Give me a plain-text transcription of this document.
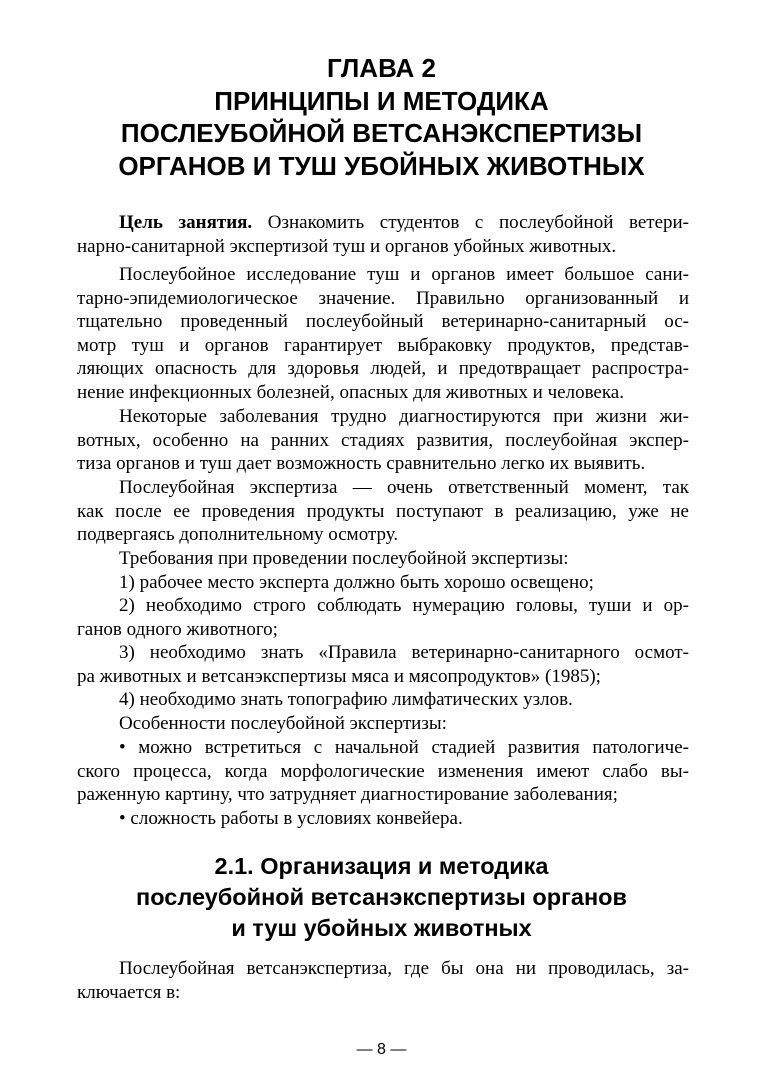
ГЛАВА 2
ПРИНЦИПЫ И МЕТОДИКА
ПОСЛЕУБОЙНОЙ ВЕТСАНЭКСПЕРТИЗЫ
ОРГАНОВ И ТУШ УБОЙНЫХ ЖИВОТНЫХ
Цель занятия. Ознакомить студентов с послеубойной ветери-
нарно-санитарной экспертизой туш и органов убойных животных.
Послеубойное исследование туш и органов имеет большое сани-
тарно-эпидемиологическое значение. Правильно организованный и
тщательно проведенный послеубойный ветеринарно-санитарный ос-
мотр туш и органов гарантирует выбраковку продуктов, представ-
ляющих опасность для здоровья людей, и предотвращает распростра-
нение инфекционных болезней, опасных для животных и человека.
Некоторые заболевания трудно диагностируются при жизни жи-
вотных, особенно на ранних стадиях развития, послеубойная экспер-
тиза органов и туш дает возможность сравнительно легко их выявить.
Послеубойная экспертиза — очень ответственный момент, так
как после ее проведения продукты поступают в реализацию, уже не
подвергаясь дополнительному осмотру.
Требования при проведении послеубойной экспертизы:
1) рабочее место эксперта должно быть хорошо освещено;
2) необходимо строго соблюдать нумерацию головы, туши и ор-
ганов одного животного;
3) необходимо знать «Правила ветеринарно-санитарного осмот-
ра животных и ветсанэкспертизы мяса и мясопродуктов» (1985);
4) необходимо знать топографию лимфатических узлов.
Особенности послеубойной экспертизы:
• можно встретиться с начальной стадией развития патологиче-
ского процесса, когда морфологические изменения имеют слабо вы-
раженную картину, что затрудняет диагностирование заболевания;
• сложность работы в условиях конвейера.
2.1. Организация и методика
послеубойной ветсанэкспертизы органов
и туш убойных животных
Послеубойная ветсанэкспертиза, где бы она ни проводилась, за-
ключается в:
— 8 —
